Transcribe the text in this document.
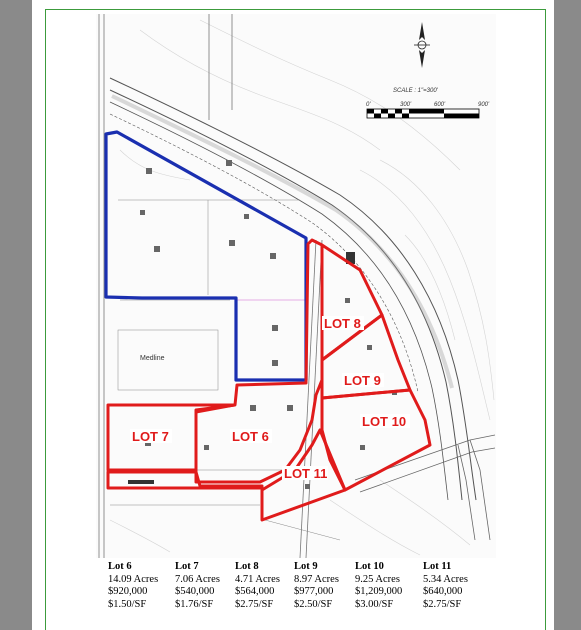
Medline
LOT 8
LOT 9
LOT 10
LOT 6
LOT 7
LOT 11
SCALE : 1"=300'
0'	300'	600'	900'
Lot 6
14.09 Acres
$920,000
$1.50/SF
Lot 7
7.06 Acres
$540,000
$1.76/SF
Lot 8
4.71 Acres
$564,000
$2.75/SF
Lot 9
8.97 Acres
$977,000
$2.50/SF
Lot 10
9.25 Acres
$1,209,000
$3.00/SF
Lot 11
5.34 Acres
$640,000
$2.75/SF
